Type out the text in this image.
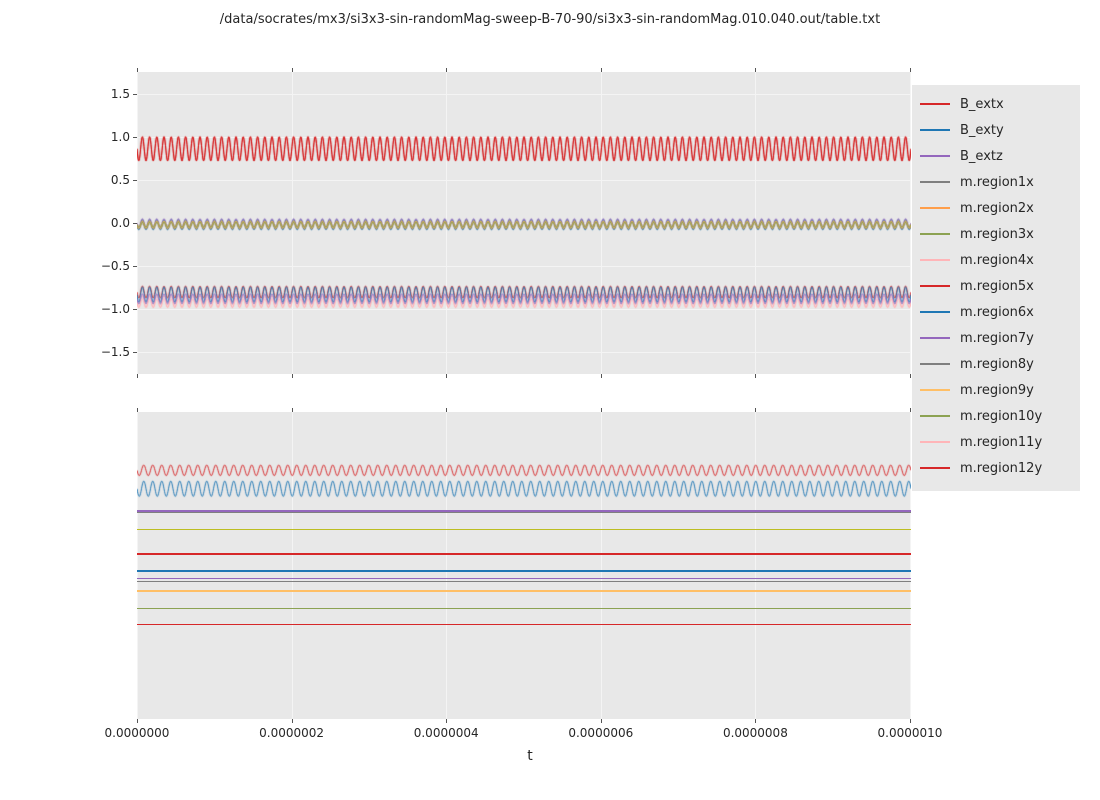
/data/socrates/mx3/si3x3-sin-randomMag-sweep-B-70-90/si3x3-sin-randomMag.010.040.out/table.txt
1.5
1.0
0.5
0.0
−0.5
−1.0
−1.5
0.0000000	0.0000002	0.0000004	0.0000006	0.0000008	0.0000010
t
B_extx
B_exty
B_extz
m.region1x
m.region2x
m.region3x
m.region4x
m.region5x
m.region6x
m.region7y
m.region8y
m.region9y
m.region10y
m.region11y
m.region12y
